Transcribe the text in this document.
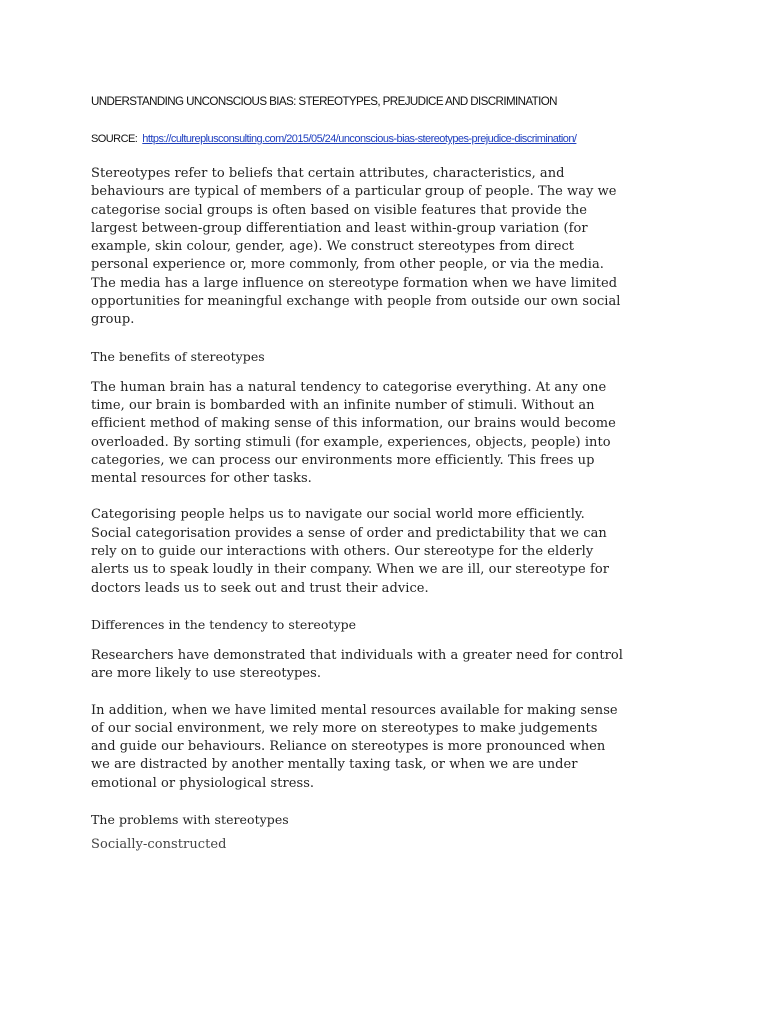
UNDERSTANDING UNCONSCIOUS BIAS: STEREOTYPES, PREJUDICE AND DISCRIMINATION
SOURCE: https://cultureplusconsulting.com/2015/05/24/unconscious-bias-stereotypes-prejudice-discrimination/

Stereotypes refer to beliefs that certain attributes, characteristics, and
behaviours are typical of members of a particular group of people. The way we
categorise social groups is often based on visible features that provide the
largest between-group differentiation and least within-group variation (for
example, skin colour, gender, age). We construct stereotypes from direct
personal experience or, more commonly, from other people, or via the media.
The media has a large influence on stereotype formation when we have limited
opportunities for meaningful exchange with people from outside our own social
group.

The benefits of stereotypes

The human brain has a natural tendency to categorise everything. At any one
time, our brain is bombarded with an infinite number of stimuli. Without an
efficient method of making sense of this information, our brains would become
overloaded. By sorting stimuli (for example, experiences, objects, people) into
categories, we can process our environments more efficiently. This frees up
mental resources for other tasks.

Categorising people helps us to navigate our social world more efficiently.
Social categorisation provides a sense of order and predictability that we can
rely on to guide our interactions with others. Our stereotype for the elderly
alerts us to speak loudly in their company. When we are ill, our stereotype for
doctors leads us to seek out and trust their advice.

Differences in the tendency to stereotype

Researchers have demonstrated that individuals with a greater need for control
are more likely to use stereotypes.

In addition, when we have limited mental resources available for making sense
of our social environment, we rely more on stereotypes to make judgements
and guide our behaviours. Reliance on stereotypes is more pronounced when
we are distracted by another mentally taxing task, or when we are under
emotional or physiological stress.

The problems with stereotypes
Socially-constructed
